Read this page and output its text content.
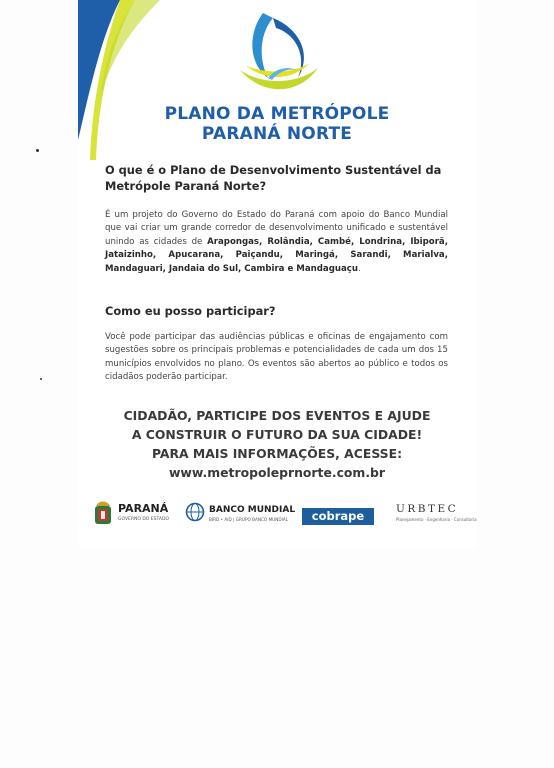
PLANO DA METRÓPOLE
PARANÁ NORTE
O que é o Plano de Desenvolvimento Sustentável da Metrópole Paraná Norte?

É um projeto do Governo do Estado do Paraná com apoio do Banco Mundial que vai criar um grande corredor de desenvolvimento unificado e sustentável unindo as cidades de Arapongas, Rolândia, Cambé, Londrina, Ibiporã, Jataizinho, Apucarana, Paiçandu, Maringá, Sarandi, Marialva, Mandaguari, Jandaia do Sul, Cambira e Mandaguaçu.

Como eu posso participar?

Você pode participar das audiências públicas e oficinas de engajamento com sugestões sobre os principais problemas e potencialidades de cada um dos 15 municípios envolvidos no plano. Os eventos são abertos ao público e todos os cidadãos poderão participar.

CIDADÃO, PARTICIPE DOS EVENTOS E AJUDE
A CONSTRUIR O FUTURO DA SUA CIDADE!
PARA MAIS INFORMAÇÕES, ACESSE:
www.metropoleprnorte.com.br
PARANÁ
GOVERNO DO ESTADO
BANCO MUNDIAL
BIRD • AID | GRUPO BANCO MUNDIAL	cobrape	URBTEC
Planejamento · Engenharia · Consultoria
